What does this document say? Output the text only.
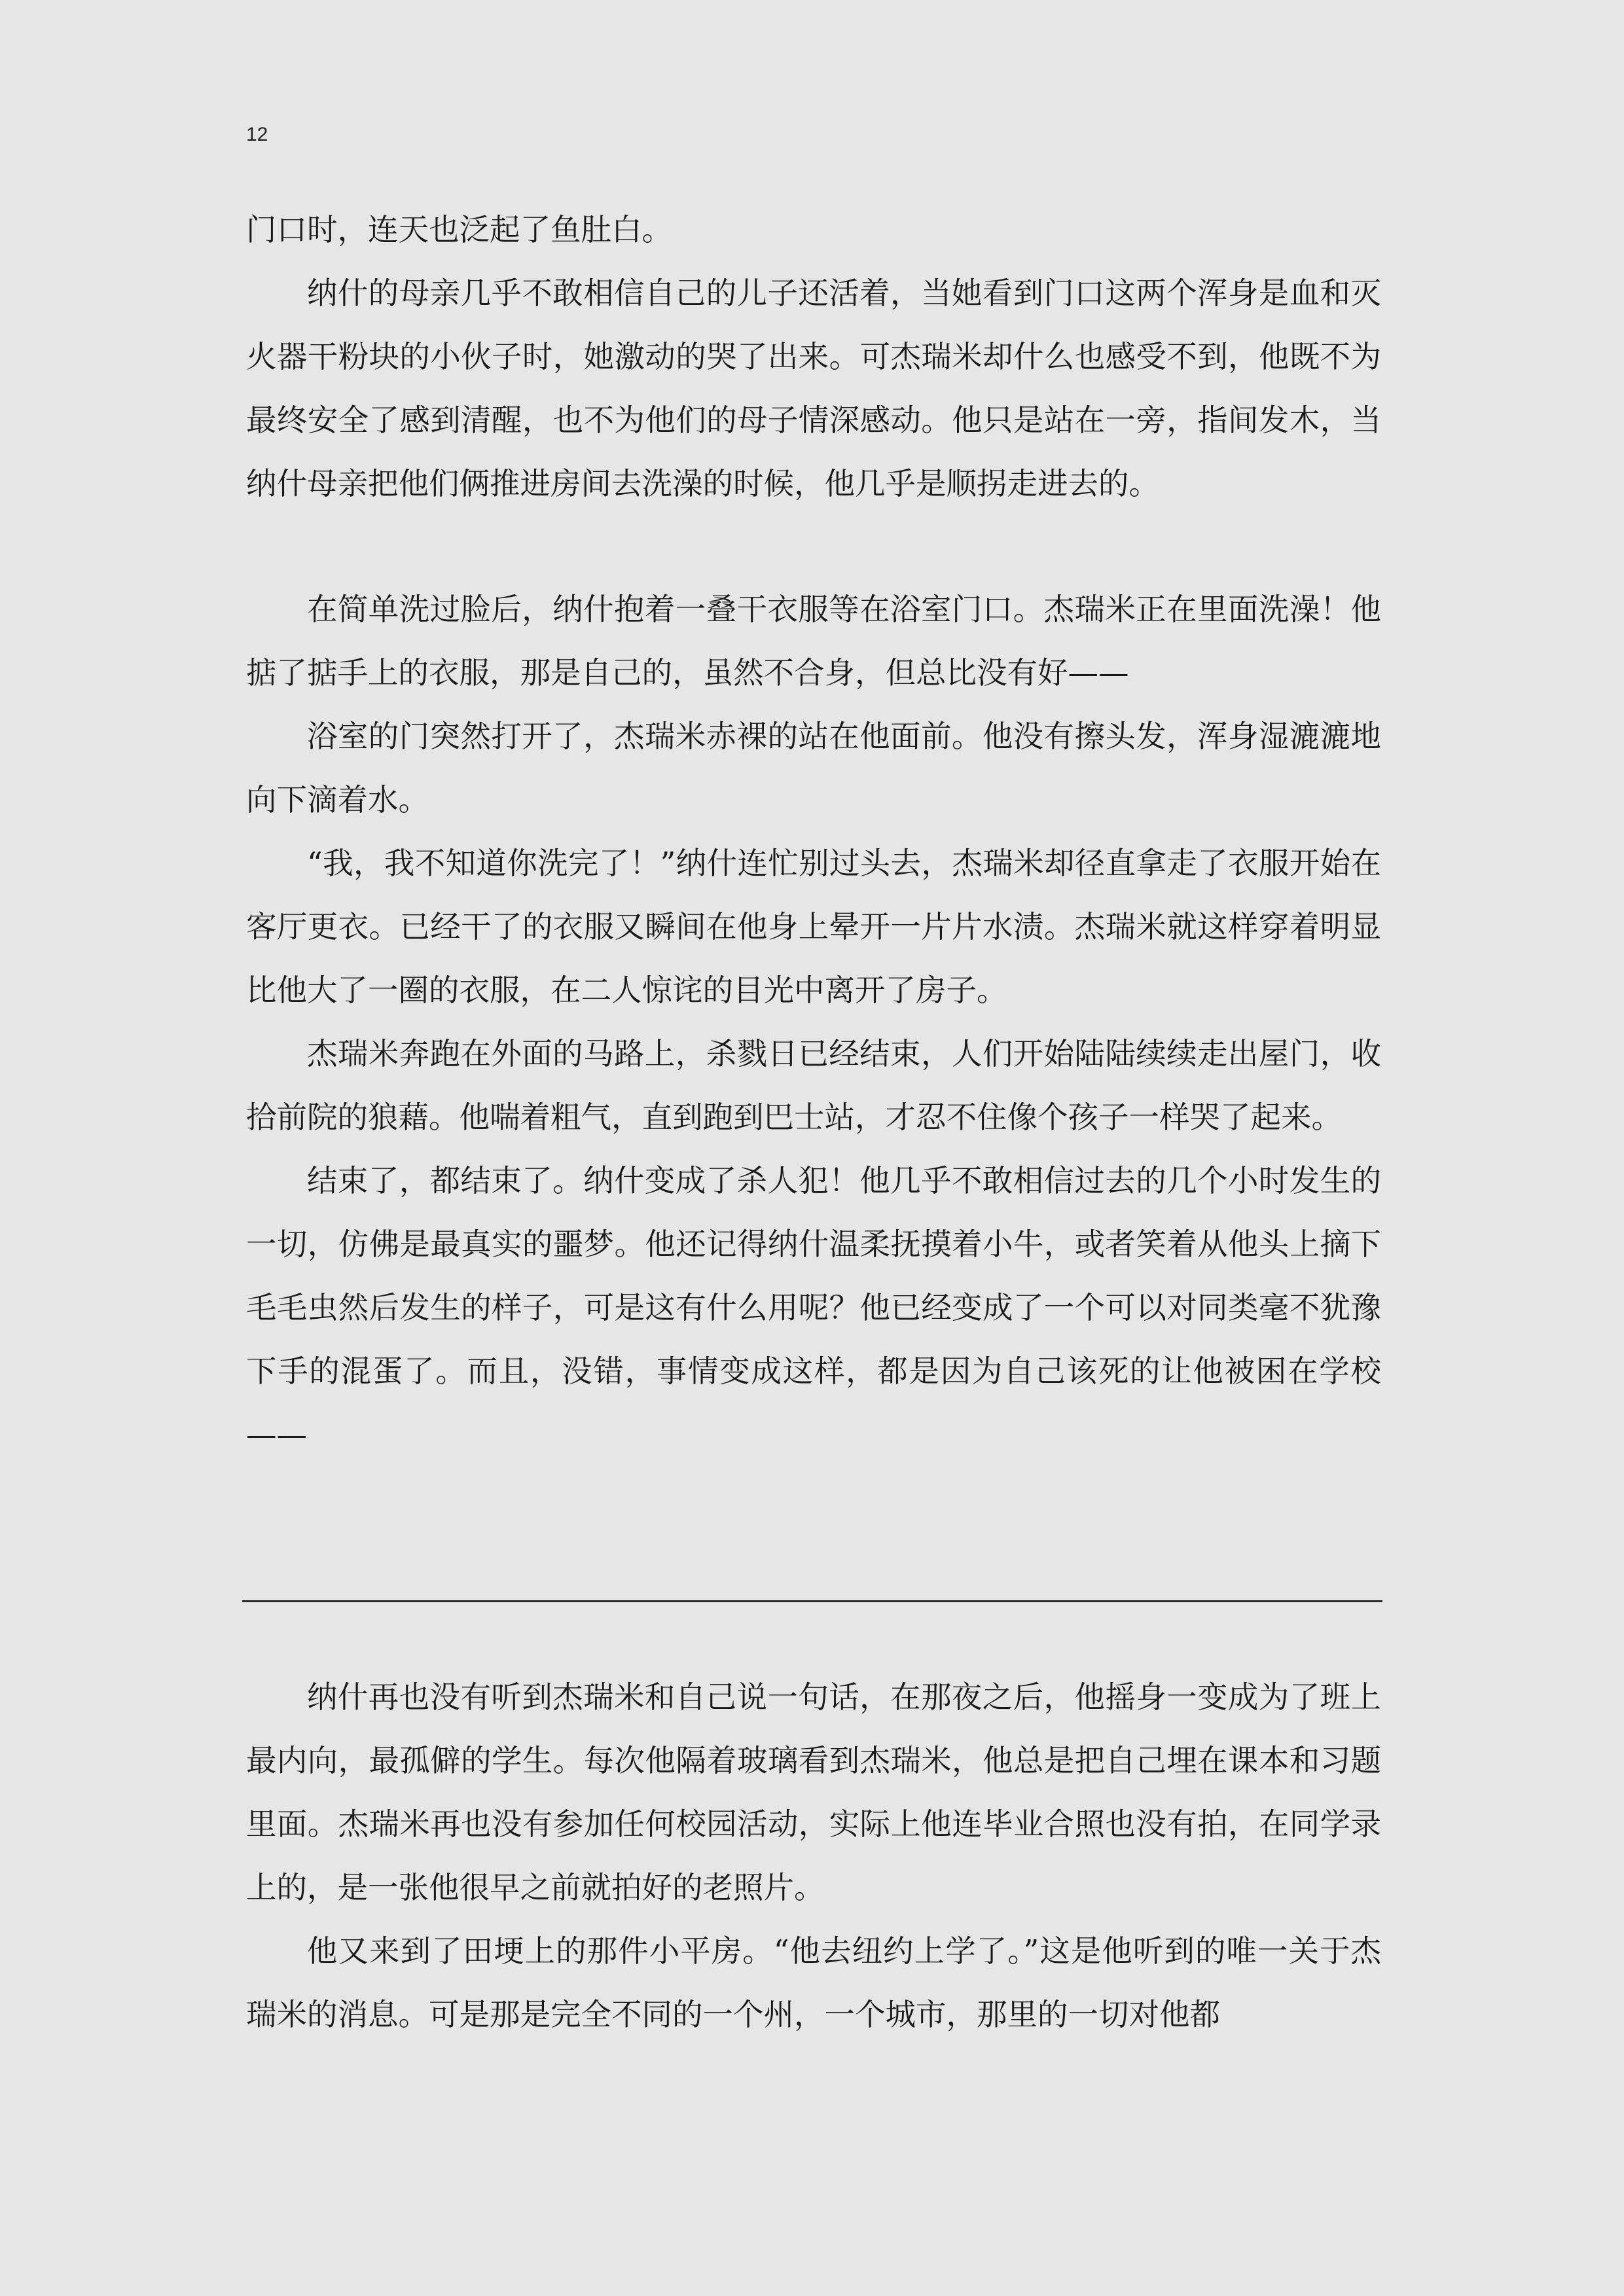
12

门口时，连天也泛起了鱼肚白。

纳什的母亲几乎不敢相信自己的儿子还活着，当她看到门口这两个浑身是血和灭火器干粉块的小伙子时，她激动的哭了出来。可杰瑞米却什么也感受不到，他既不为最终安全了感到清醒，也不为他们的母子情深感动。他只是站在一旁，指间发木，当纳什母亲把他们俩推进房间去洗澡的时候，他几乎是顺拐走进去的。

在简单洗过脸后，纳什抱着一叠干衣服等在浴室门口。杰瑞米正在里面洗澡！他掂了掂手上的衣服，那是自己的，虽然不合身，但总比没有好——

浴室的门突然打开了，杰瑞米赤裸的站在他面前。他没有擦头发，浑身湿漉漉地向下滴着水。

“我，我不知道你洗完了！”纳什连忙别过头去，杰瑞米却径直拿走了衣服开始在客厅更衣。已经干了的衣服又瞬间在他身上晕开一片片水渍。杰瑞米就这样穿着明显比他大了一圈的衣服，在二人惊诧的目光中离开了房子。

杰瑞米奔跑在外面的马路上，杀戮日已经结束，人们开始陆陆续续走出屋门，收拾前院的狼藉。他喘着粗气，直到跑到巴士站，才忍不住像个孩子一样哭了起来。

结束了，都结束了。纳什变成了杀人犯！他几乎不敢相信过去的几个小时发生的一切，仿佛是最真实的噩梦。他还记得纳什温柔抚摸着小牛，或者笑着从他头上摘下毛毛虫然后发生的样子，可是这有什么用呢？他已经变成了一个可以对同类毫不犹豫下手的混蛋了。而且，没错，事情变成这样，都是因为自己该死的让他被困在学校——

纳什再也没有听到杰瑞米和自己说一句话，在那夜之后，他摇身一变成为了班上最内向，最孤僻的学生。每次他隔着玻璃看到杰瑞米，他总是把自己埋在课本和习题里面。杰瑞米再也没有参加任何校园活动，实际上他连毕业合照也没有拍，在同学录上的，是一张他很早之前就拍好的老照片。

他又来到了田埂上的那件小平房。“他去纽约上学了。”这是他听到的唯一关于杰瑞米的消息。可是那是完全不同的一个州，一个城市，那里的一切对他都
